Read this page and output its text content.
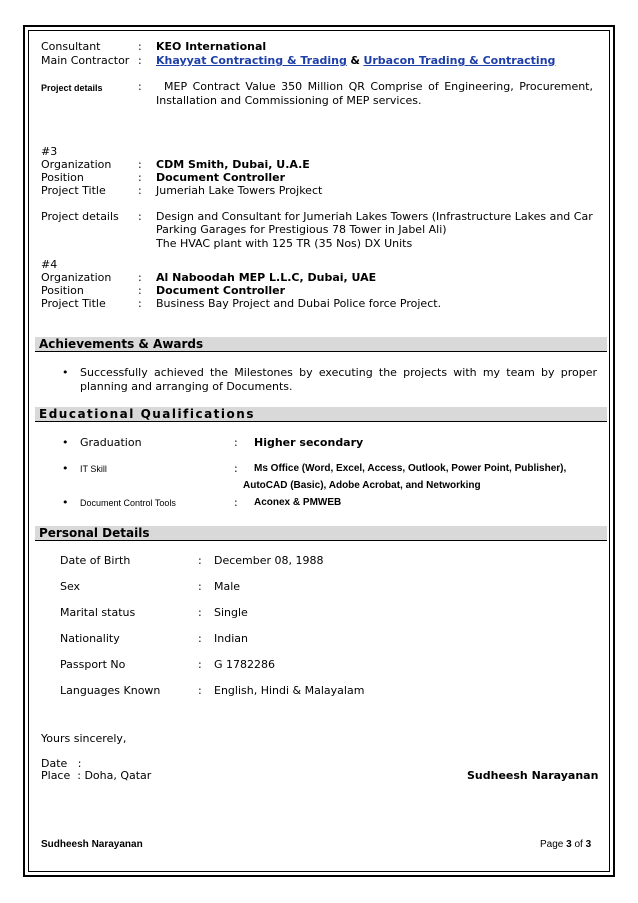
Consultant	: KEO International
Main Contractor : Khayyat Contracting & Trading & Urbacon Trading & Contracting
Project details	:	MEP Contract Value 350 Million QR Comprise of Engineering, Procurement, Installation and Commissioning of MEP services.
#3
Organization : CDM Smith, Dubai, U.A.E
Position	: Document Controller
Project Title	: Jumeriah Lake Towers Projkect
Project details : Design and Consultant for Jumeriah Lakes Towers (Infrastructure Lakes and Car
Parking Garages for Prestigious 78 Tower in Jabel Ali)
The HVAC plant with 125 TR (35 Nos) DX Units
#4
Organization : Al Naboodah MEP L.L.C, Dubai, UAE
Position	: Document Controller
Project Title	: Business Bay Project and Dubai Police force Project.
Achievements & Awards
• Successfully achieved the Milestones by executing the projects with my team by proper planning and arranging of Documents.
Educational Qualifications
• Graduation	: Higher secondary
• IT Skill	: Ms Office (Word, Excel, Access, Outlook, Power Point, Publisher),
AutoCAD (Basic), Adobe Acrobat, and Networking
• Document Control Tools	: Aconex & PMWEB
Personal Details
Date of Birth	: December 08, 1988
Sex	: Male
Marital status	: Single
Nationality	: Indian
Passport No	: G 1782286
Languages Known	: English, Hindi & Malayalam
Yours sincerely,
Date   :
Place  : Doha, Qatar	Sudheesh Narayanan
Sudheesh Narayanan	Page 3 of 3
